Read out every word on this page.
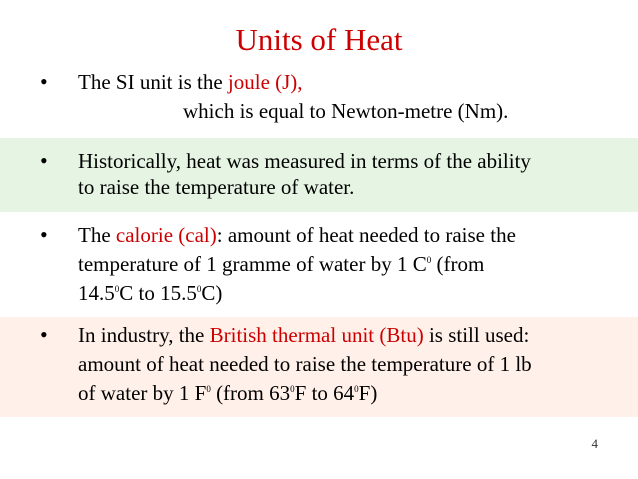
Units of Heat
•	The SI unit is the joule (J),
which is equal to Newton-metre (Nm).
•	Historically, heat was measured in terms of the ability
to raise the temperature of water.
•	The calorie (cal): amount of heat needed to raise the
temperature of 1 gramme of water by 1 $C^0$ (from
14.5$^0$C to 15.5$^0$C)
•	In industry, the British thermal unit (Btu) is still used:
amount of heat needed to raise the temperature of 1 lb
of water by 1 $F^0$ (from $63^0F$ to $64^0F$)
4
